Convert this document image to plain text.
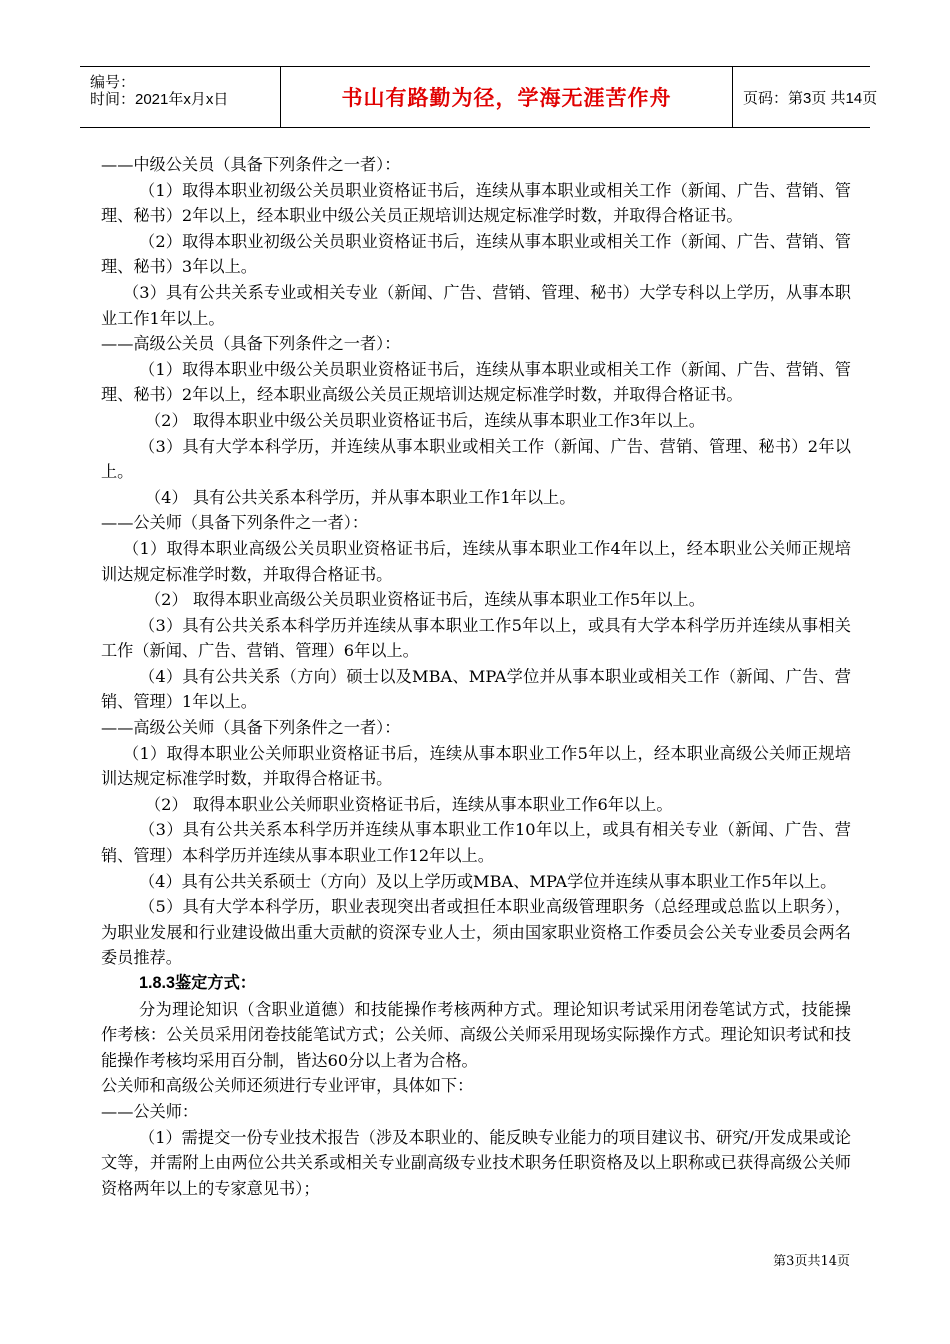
编号：
时间：2021年x月x日	书山有路勤为径，学海无涯苦作舟	页码：第3页 共14页

——中级公关员（具备下列条件之一者）：

（1）取得本职业初级公关员职业资格证书后，连续从事本职业或相关工作（新闻、广告、营销、管理、秘书）2年以上，经本职业中级公关员正规培训达规定标准学时数，并取得合格证书。

（2）取得本职业初级公关员职业资格证书后，连续从事本职业或相关工作（新闻、广告、营销、管理、秘书）3年以上。

（3）具有公共关系专业或相关专业（新闻、广告、营销、管理、秘书）大学专科以上学历，从事本职业工作1年以上。

——高级公关员（具备下列条件之一者）：

（1）取得本职业中级公关员职业资格证书后，连续从事本职业或相关工作（新闻、广告、营销、管理、秘书）2年以上，经本职业高级公关员正规培训达规定标准学时数，并取得合格证书。

（2） 取得本职业中级公关员职业资格证书后，连续从事本职业工作3年以上。

（3）具有大学本科学历，并连续从事本职业或相关工作（新闻、广告、营销、管理、秘书）2年以上。

（4） 具有公共关系本科学历，并从事本职业工作1年以上。

——公关师（具备下列条件之一者）：

（1）取得本职业高级公关员职业资格证书后，连续从事本职业工作4年以上，经本职业公关师正规培训达规定标准学时数，并取得合格证书。

（2） 取得本职业高级公关员职业资格证书后，连续从事本职业工作5年以上。

（3）具有公共关系本科学历并连续从事本职业工作5年以上，或具有大学本科学历并连续从事相关工作（新闻、广告、营销、管理）6年以上。

（4）具有公共关系（方向）硕士以及MBA、MPA学位并从事本职业或相关工作（新闻、广告、营销、管理）1年以上。

——高级公关师（具备下列条件之一者）：

（1）取得本职业公关师职业资格证书后，连续从事本职业工作5年以上，经本职业高级公关师正规培训达规定标准学时数，并取得合格证书。

（2） 取得本职业公关师职业资格证书后，连续从事本职业工作6年以上。

（3）具有公共关系本科学历并连续从事本职业工作10年以上，或具有相关专业（新闻、广告、营销、管理）本科学历并连续从事本职业工作12年以上。

（4）具有公共关系硕士（方向）及以上学历或MBA、MPA学位并连续从事本职业工作5年以上。

（5）具有大学本科学历，职业表现突出者或担任本职业高级管理职务（总经理或总监以上职务），为职业发展和行业建设做出重大贡献的资深专业人士，须由国家职业资格工作委员会公关专业委员会两名委员推荐。

1.8.3鉴定方式：

分为理论知识（含职业道德）和技能操作考核两种方式。理论知识考试采用闭卷笔试方式，技能操作考核：公关员采用闭卷技能笔试方式；公关师、高级公关师采用现场实际操作方式。理论知识考试和技能操作考核均采用百分制，皆达60分以上者为合格。

公关师和高级公关师还须进行专业评审，具体如下：

——公关师：

（1）需提交一份专业技术报告（涉及本职业的、能反映专业能力的项目建议书、研究/开发成果或论文等，并需附上由两位公共关系或相关专业副高级专业技术职务任职资格及以上职称或已获得高级公关师资格两年以上的专家意见书）；

第3页共14页
